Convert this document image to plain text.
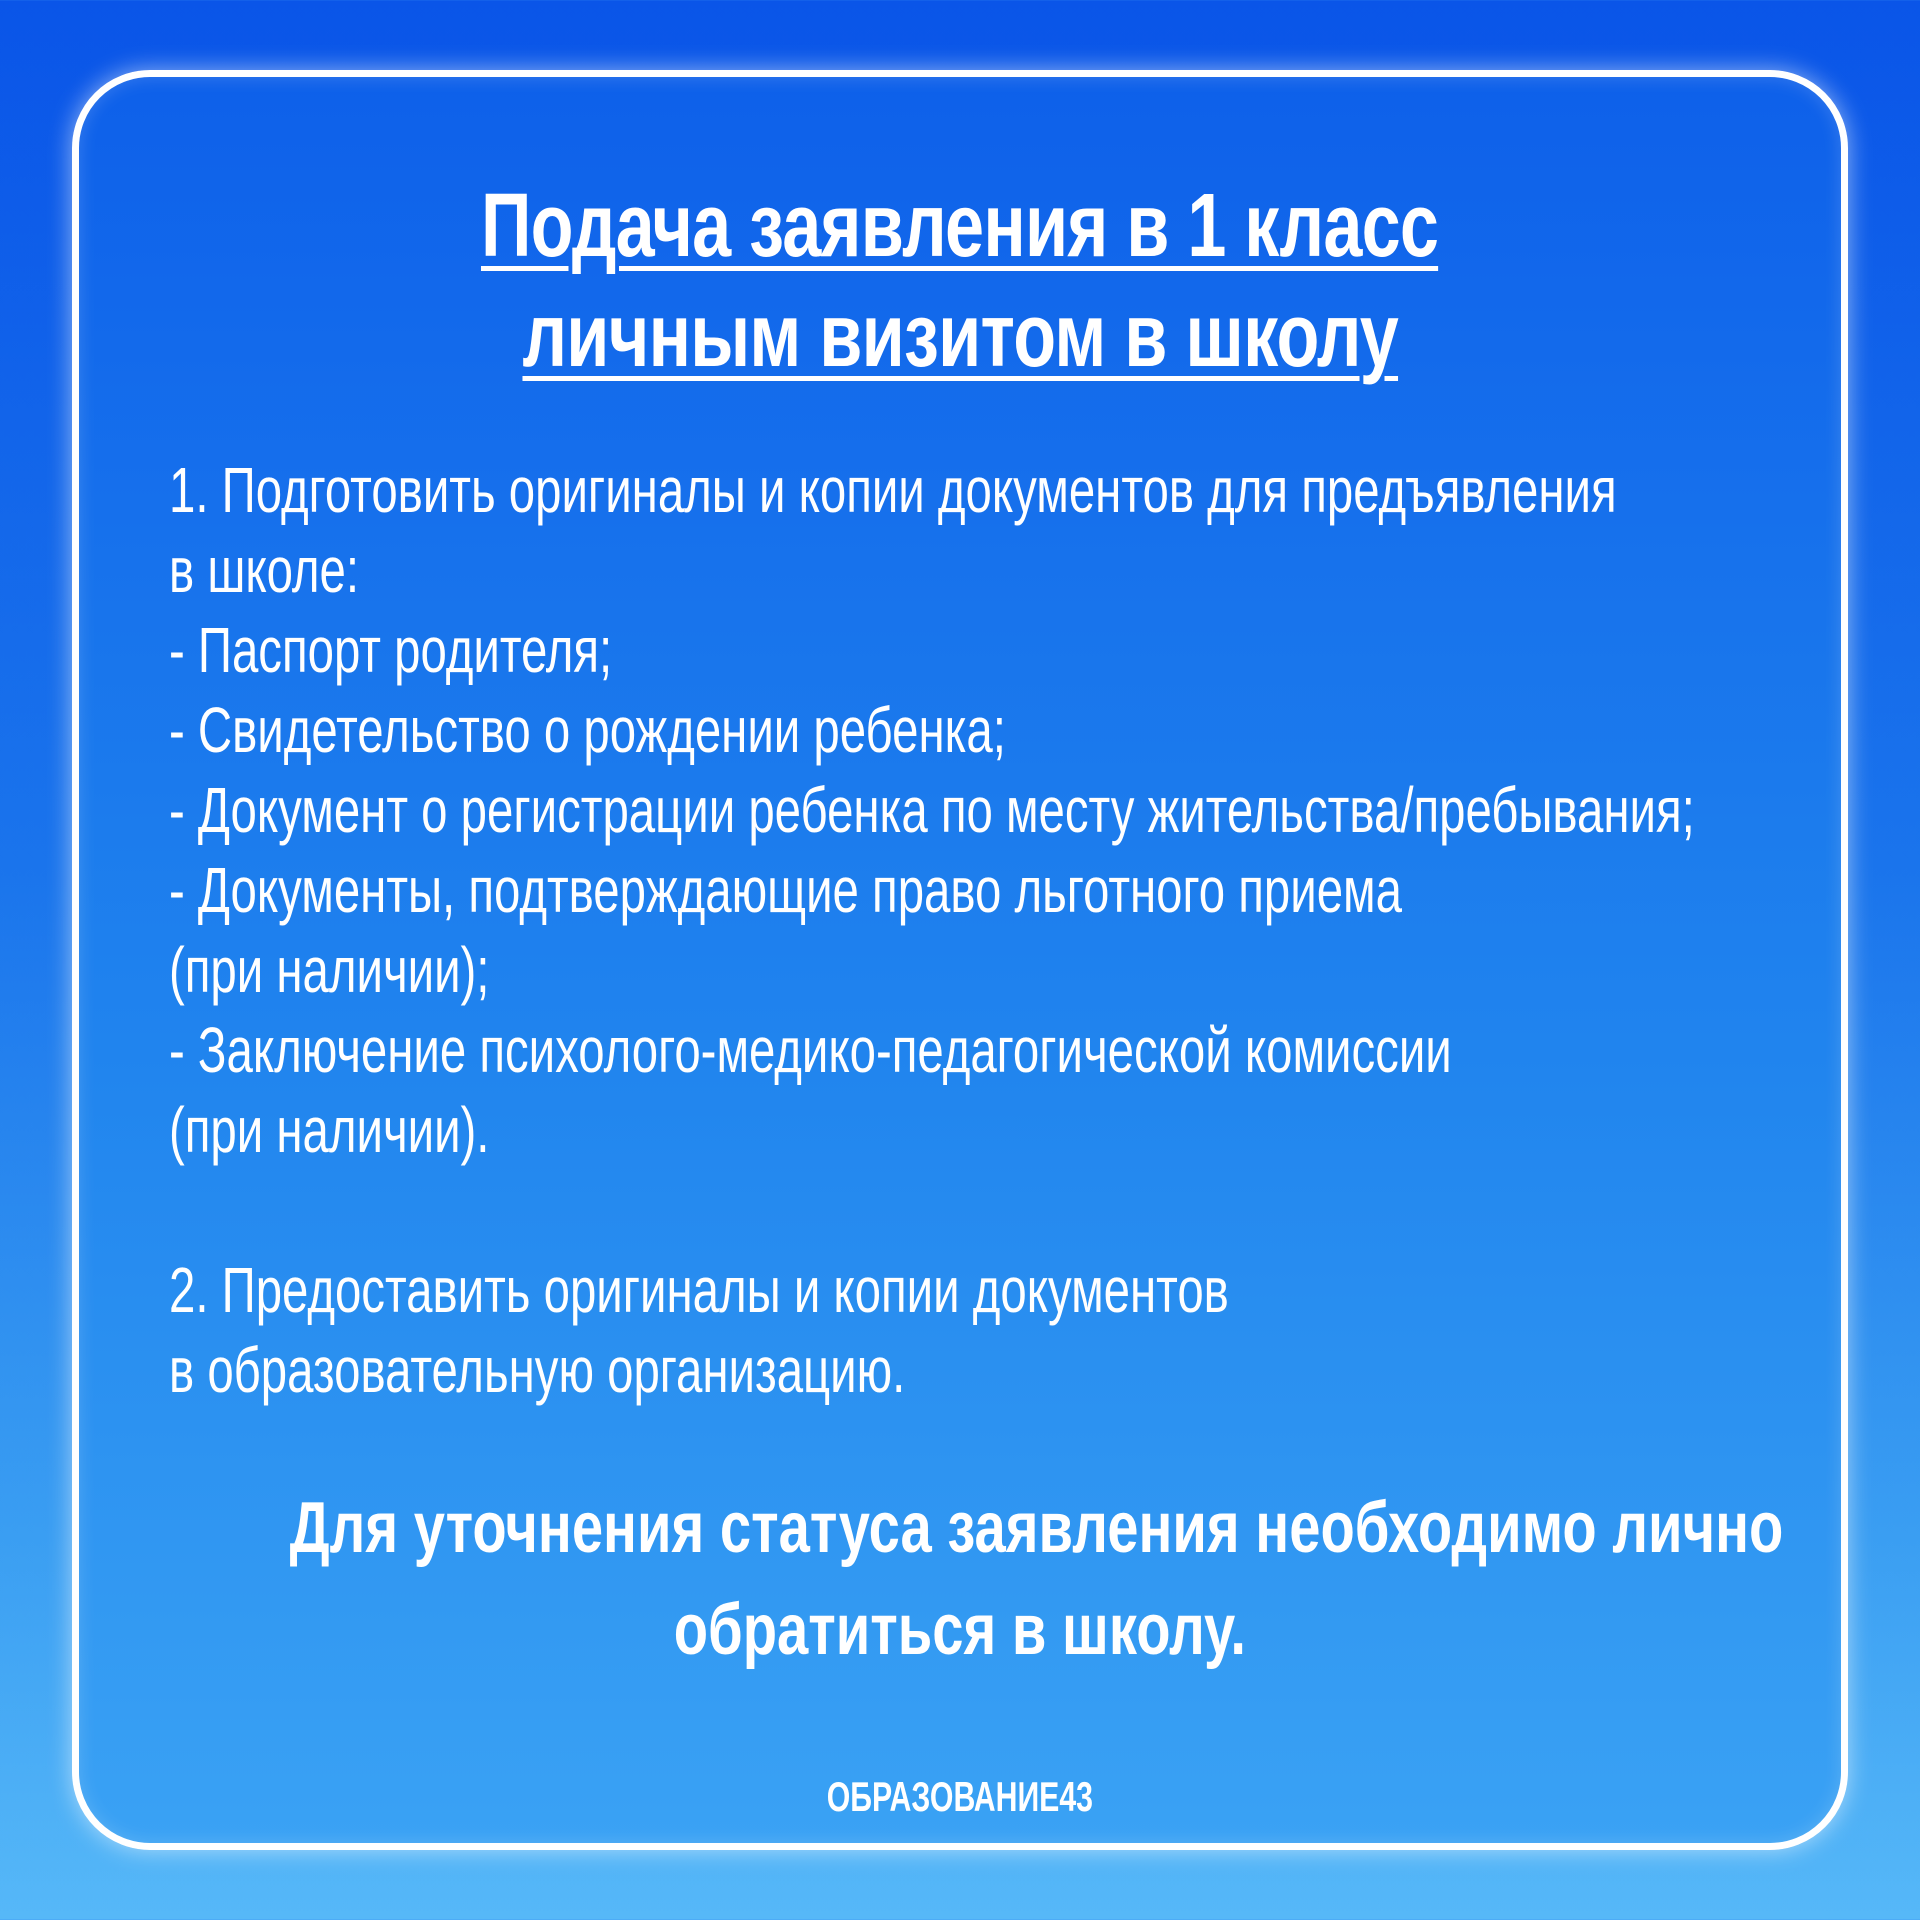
Подача заявления в 1 класс
личным визитом в школу
1. Подготовить оригиналы и копии документов для предъявления
в школе:
- Паспорт родителя;
- Свидетельство о рождении ребенка;
- Документ о регистрации ребенка по месту жительства/пребывания;
- Документы, подтверждающие право льготного приема
(при наличии);
- Заключение психолого-медико-педагогической комиссии
(при наличии).
2. Предоставить оригиналы и копии документов
в образовательную организацию.
Для уточнения статуса заявления необходимо лично
обратиться в школу.
ОБРАЗОВАНИЕ43
